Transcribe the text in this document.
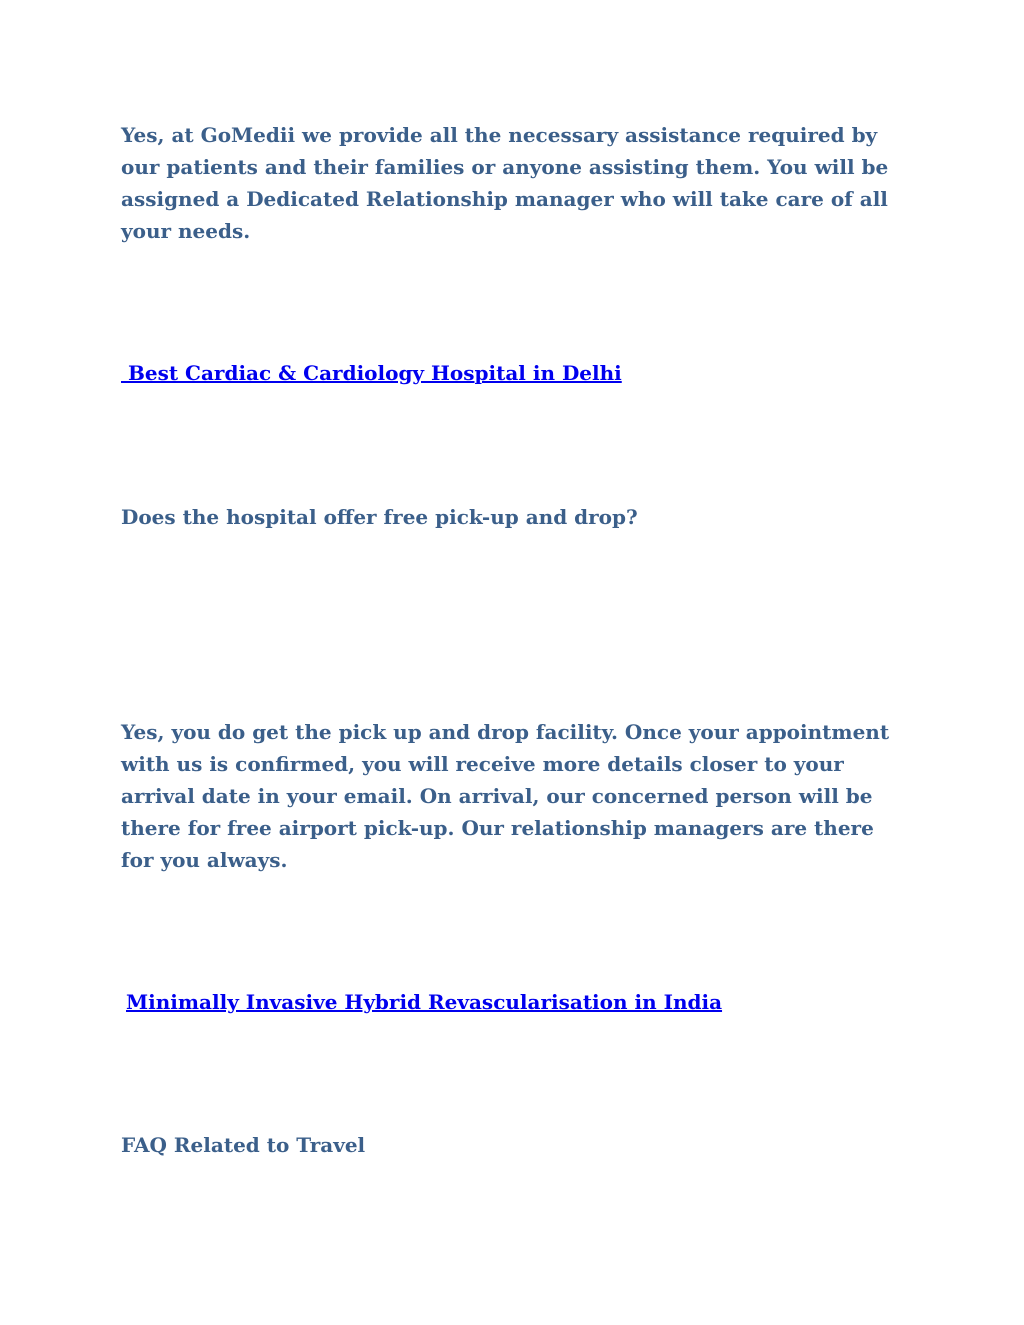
Yes, at GoMedii we provide all the necessary assistance required by our patients and their families or anyone assisting them. You will be assigned a Dedicated Relationship manager who will take care of all your needs.

Best Cardiac & Cardiology Hospital in Delhi

Does the hospital offer free pick-up and drop?

Yes, you do get the pick up and drop facility. Once your appointment with us is confirmed, you will receive more details closer to your arrival date in your email. On arrival, our concerned person will be there for free airport pick-up. Our relationship managers are there for you always.

Minimally Invasive Hybrid Revascularisation in India

FAQ Related to Travel
